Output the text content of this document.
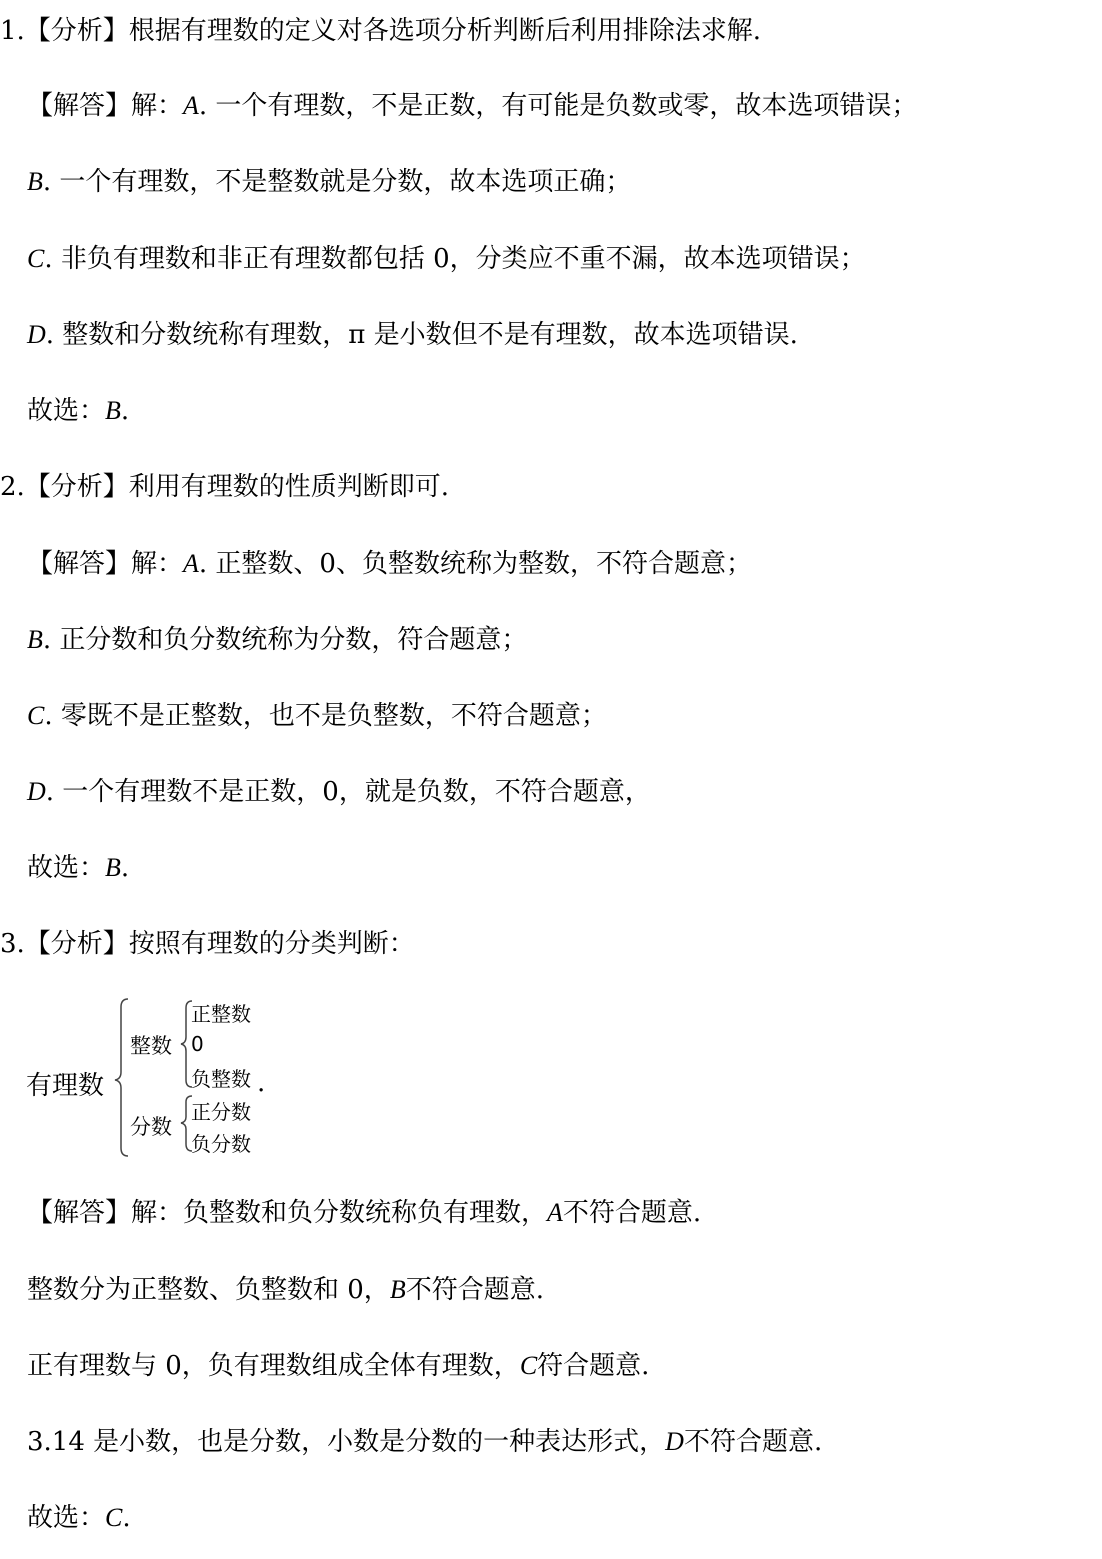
1.【分析】根据有理数的定义对各选项分析判断后利用排除法求解.
【解答】解：A. 一个有理数，不是正数，有可能是负数或零，故本选项错误；
B. 一个有理数，不是整数就是分数，故本选项正确；
C. 非负有理数和非正有理数都包括 0，分类应不重不漏，故本选项错误；
D. 整数和分数统称有理数，π 是小数但不是有理数，故本选项错误.
故选：B.
2.【分析】利用有理数的性质判断即可.
【解答】解：A. 正整数、0、负整数统称为整数，不符合题意；
B. 正分数和负分数统称为分数，符合题意；
C. 零既不是正整数，也不是负整数，不符合题意；
D. 一个有理数不是正数，0，就是负数，不符合题意，
故选：B.
3.【分析】按照有理数的分类判断：
有理数
整数
正整数
0
负整数 .
分数
正分数
负分数
【解答】解：负整数和负分数统称负有理数，A不符合题意.
整数分为正整数、负整数和 0，B不符合题意.
正有理数与 0，负有理数组成全体有理数，C符合题意.
3.14 是小数，也是分数，小数是分数的一种表达形式，D不符合题意.
故选：C.
